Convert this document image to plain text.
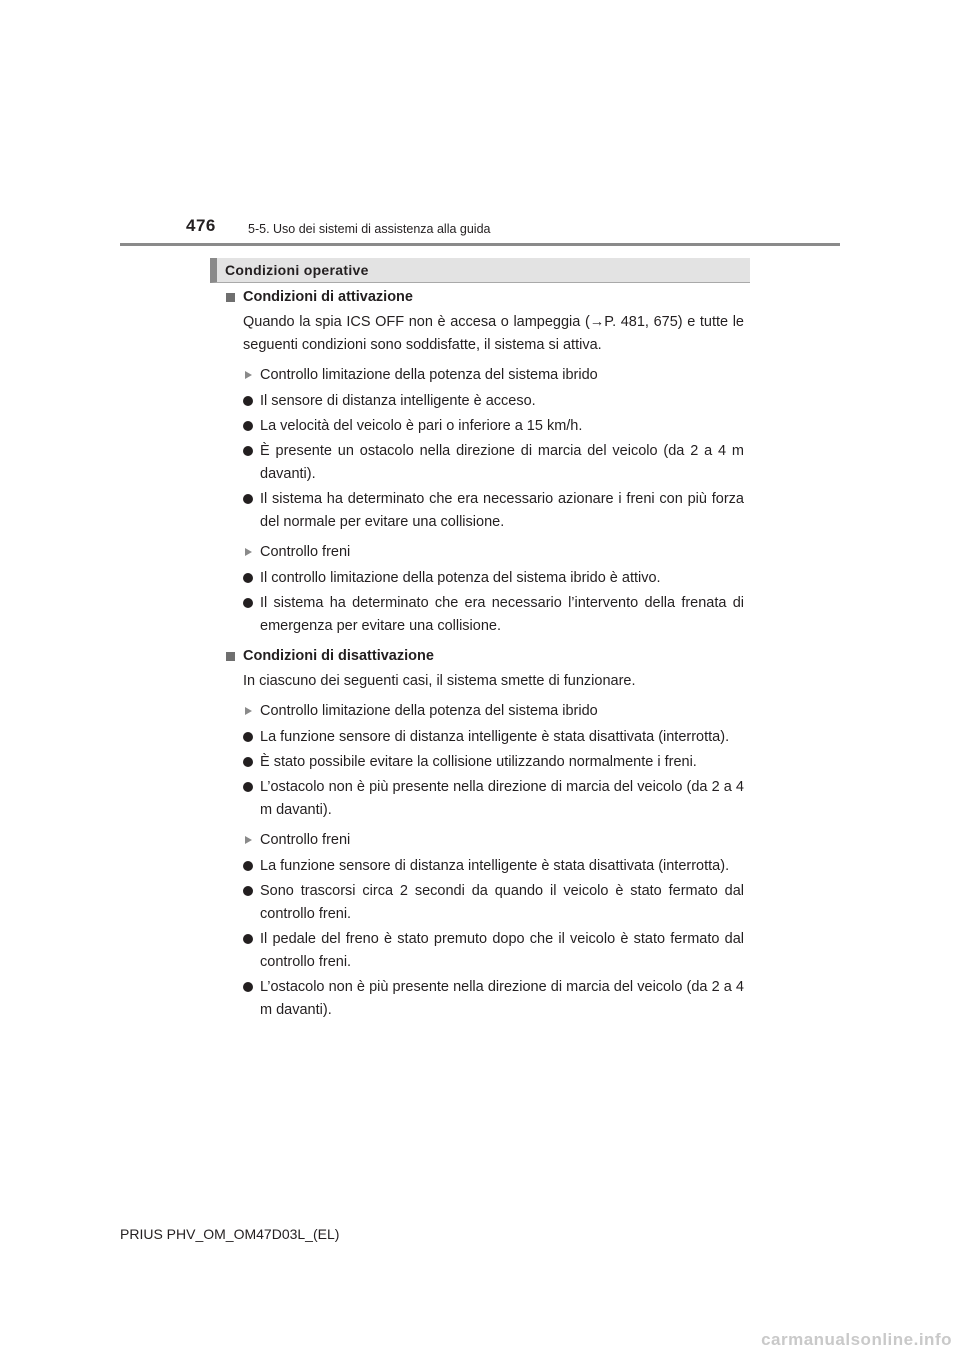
476	5-5. Uso dei sistemi di assistenza alla guida
Condizioni operative
Condizioni di attivazione
Quando la spia ICS OFF non è accesa o lampeggia (→P. 481, 675) e tutte le seguenti condizioni sono soddisfatte, il sistema si attiva.
Controllo limitazione della potenza del sistema ibrido
Il sensore di distanza intelligente è acceso.
La velocità del veicolo è pari o inferiore a 15 km/h.
È presente un ostacolo nella direzione di marcia del veicolo (da 2 a 4 m davanti).
Il sistema ha determinato che era necessario azionare i freni con più forza del normale per evitare una collisione.
Controllo freni
Il controllo limitazione della potenza del sistema ibrido è attivo.
Il sistema ha determinato che era necessario l’intervento della frenata di emergenza per evitare una collisione.
Condizioni di disattivazione
In ciascuno dei seguenti casi, il sistema smette di funzionare.
Controllo limitazione della potenza del sistema ibrido
La funzione sensore di distanza intelligente è stata disattivata (interrotta).
È stato possibile evitare la collisione utilizzando normalmente i freni.
L’ostacolo non è più presente nella direzione di marcia del veicolo (da 2 a 4 m davanti).
Controllo freni
La funzione sensore di distanza intelligente è stata disattivata (interrotta).
Sono trascorsi circa 2 secondi da quando il veicolo è stato fermato dal controllo freni.
Il pedale del freno è stato premuto dopo che il veicolo è stato fermato dal controllo freni.
L’ostacolo non è più presente nella direzione di marcia del veicolo (da 2 a 4 m davanti).
PRIUS PHV_OM_OM47D03L_(EL)
carmanualsonline.info
